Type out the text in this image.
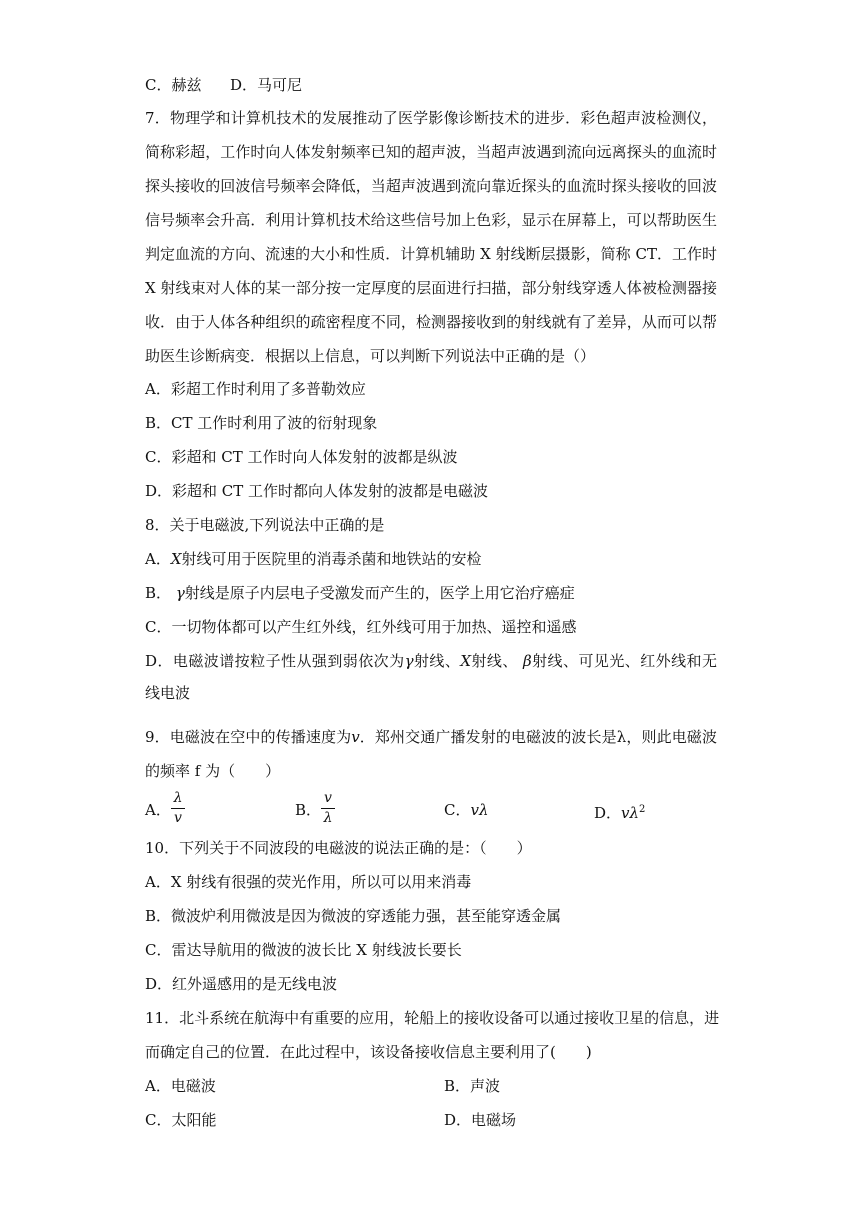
C．赫兹 D．马可尼
7．物理学和计算机技术的发展推动了医学影像诊断技术的进步．彩色超声波检测仪，
简称彩超，工作时向人体发射频率已知的超声波，当超声波遇到流向远离探头的血流时
探头接收的回波信号频率会降低，当超声波遇到流向靠近探头的血流时探头接收的回波
信号频率会升高．利用计算机技术给这些信号加上色彩，显示在屏幕上，可以帮助医生
判定血流的方向、流速的大小和性质．计算机辅助 X 射线断层摄影，简称 CT．工作时
X 射线束对人体的某一部分按一定厚度的层面进行扫描，部分射线穿透人体被检测器接
收．由于人体各种组织的疏密程度不同，检测器接收到的射线就有了差异，从而可以帮
助医生诊断病变．根据以上信息，可以判断下列说法中正确的是（）
A．彩超工作时利用了多普勒效应
B．CT 工作时利用了波的衍射现象
C．彩超和 CT 工作时向人体发射的波都是纵波
D．彩超和 CT 工作时都向人体发射的波都是电磁波
8．关于电磁波,下列说法中正确的是
A．X射线可用于医院里的消毒杀菌和地铁站的安检
B． γ射线是原子内层电子受激发而产生的，医学上用它治疗癌症
C．一切物体都可以产生红外线，红外线可用于加热、遥控和遥感
D．电磁波谱按粒子性从强到弱依次为γ射线、X射线、 β射线、可见光、红外线和无
线电波
9．电磁波在空中的传播速度为v．郑州交通广播发射的电磁波的波长是λ，则此电磁波
的频率 f 为（　　）
A．
λ
v	B．
v
λ	C．vλ	D．$v\lambda^2$
10．下列关于不同波段的电磁波的说法正确的是：（　　）
A．X 射线有很强的荧光作用，所以可以用来消毒
B．微波炉利用微波是因为微波的穿透能力强，甚至能穿透金属
C．雷达导航用的微波的波长比 X 射线波长要长
D．红外遥感用的是无线电波
11．北斗系统在航海中有重要的应用，轮船上的接收设备可以通过接收卫星的信息，进
而确定自己的位置．在此过程中，该设备接收信息主要利用了(　　)
A．电磁波	B．声波
C．太阳能	D．电磁场
